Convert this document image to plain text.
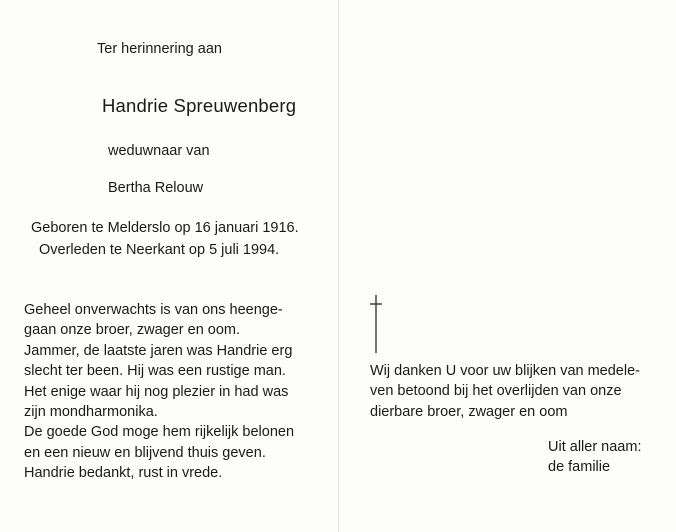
Ter herinnering aan
Handrie Spreuwenberg
weduwnaar van
Bertha Relouw
Geboren te Melderslo op 16 januari 1916.
Overleden te Neerkant op 5 juli 1994.
Geheel onverwachts is van ons heenge-
gaan onze broer, zwager en oom.
Jammer, de laatste jaren was Handrie erg
slecht ter been. Hij was een rustige man.
Het enige waar hij nog plezier in had was
zijn mondharmonika.
De goede God moge hem rijkelijk belonen
en een nieuw en blijvend thuis geven.
Handrie bedankt, rust in vrede.
Wij danken U voor uw blijken van medele-
ven betoond bij het overlijden van onze
dierbare broer, zwager en oom
Uit aller naam:
de familie
